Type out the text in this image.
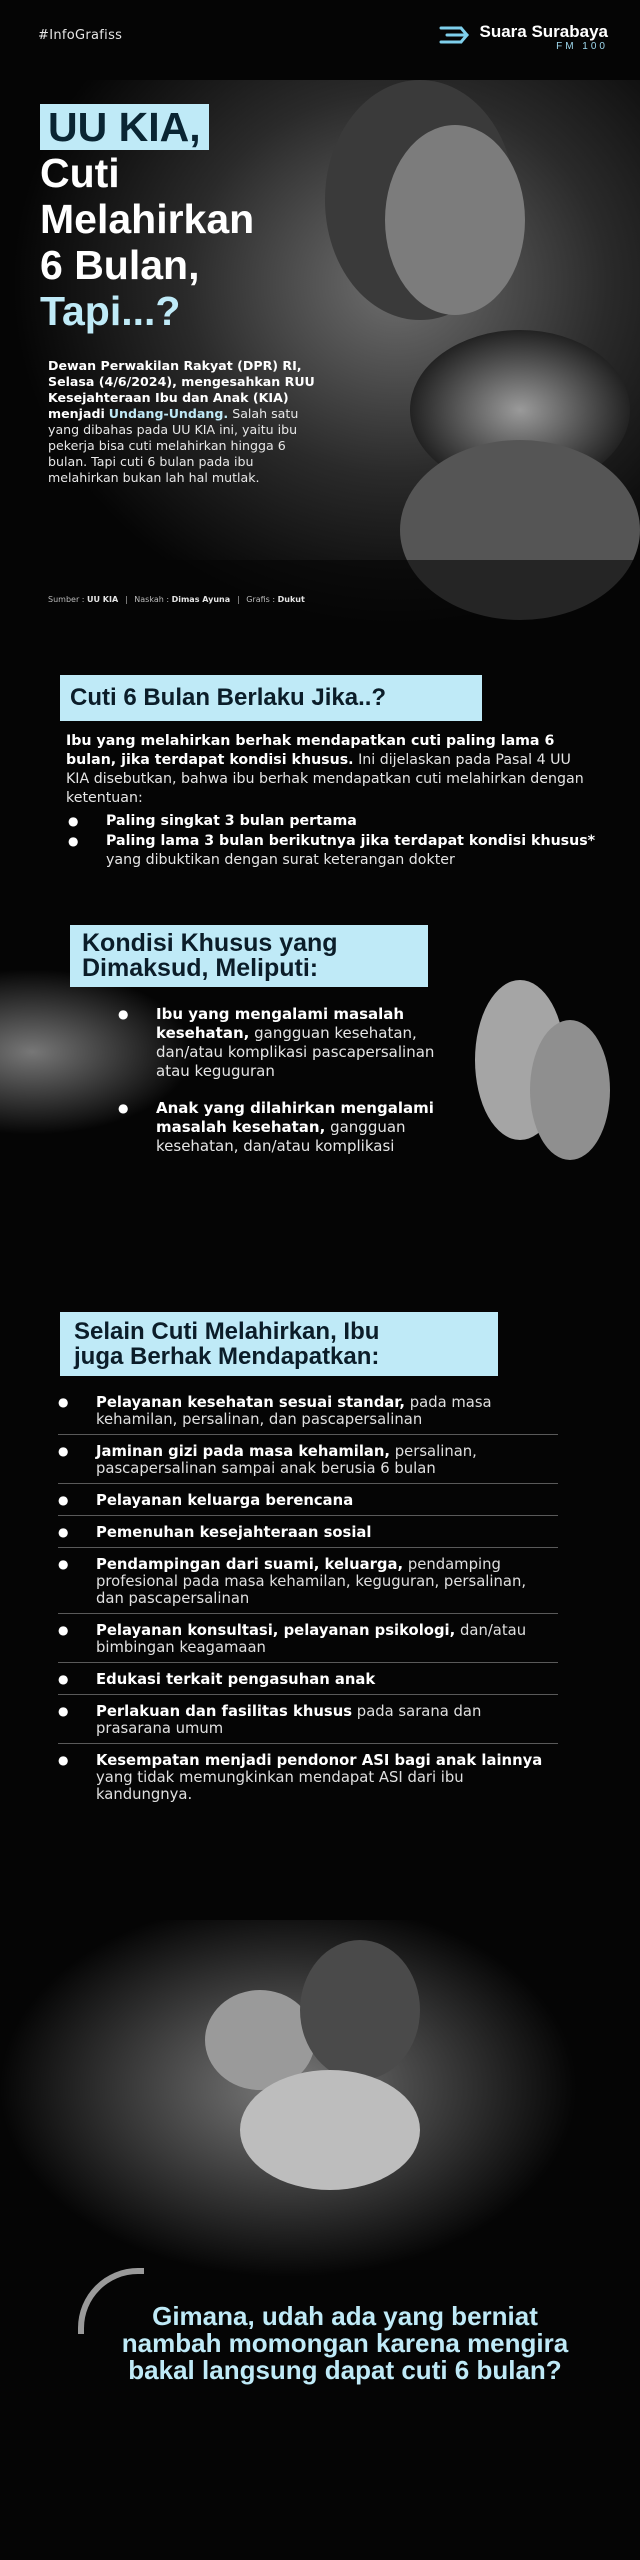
#InfoGrafiss	Suara Surabaya
FM 100
UU KIA,
Cuti
Melahirkan
6 Bulan,
Tapi...?
Dewan Perwakilan Rakyat (DPR) RI, Selasa (4/6/2024), mengesahkan RUU Kesejahteraan Ibu dan Anak (KIA) menjadi Undang-Undang. Salah satu yang dibahas pada UU KIA ini, yaitu ibu pekerja bisa cuti melahirkan hingga 6 bulan. Tapi cuti 6 bulan pada ibu melahirkan bukan lah hal mutlak.
Sumber : UU KIA Naskah : Dimas Ayuna Grafis : Dukut
Cuti 6 Bulan Berlaku Jika..?

Ibu yang melahirkan berhak mendapatkan cuti paling lama 6 bulan, jika terdapat kondisi khusus. Ini dijelaskan pada Pasal 4 UU KIA disebutkan, bahwa ibu berhak mendapatkan cuti melahirkan dengan ketentuan:

● Paling singkat 3 bulan pertama
● Paling lama 3 bulan berikutnya jika terdapat kondisi khusus* yang dibuktikan dengan surat keterangan dokter
Kondisi Khusus yang
Dimaksud, Meliputi:
● Ibu yang mengalami masalah kesehatan, gangguan kesehatan, dan/atau komplikasi pascapersalinan atau keguguran
● Anak yang dilahirkan mengalami masalah kesehatan, gangguan kesehatan, dan/atau komplikasi
Selain Cuti Melahirkan, Ibu
juga Berhak Mendapatkan:
● Pelayanan kesehatan sesuai standar, pada masa kehamilan, persalinan, dan pascapersalinan
● Jaminan gizi pada masa kehamilan, persalinan, pascapersalinan sampai anak berusia 6 bulan
● Pelayanan keluarga berencana
● Pemenuhan kesejahteraan sosial
● Pendampingan dari suami, keluarga, pendamping profesional pada masa kehamilan, keguguran, persalinan, dan pascapersalinan
● Pelayanan konsultasi, pelayanan psikologi, dan/atau bimbingan keagamaan
● Edukasi terkait pengasuhan anak
● Perlakuan dan fasilitas khusus pada sarana dan prasarana umum
● Kesempatan menjadi pendonor ASI bagi anak lainnya yang tidak memungkinkan mendapat ASI dari ibu kandungnya.
Gimana, udah ada yang berniat nambah momongan karena mengira bakal langsung dapat cuti 6 bulan?
